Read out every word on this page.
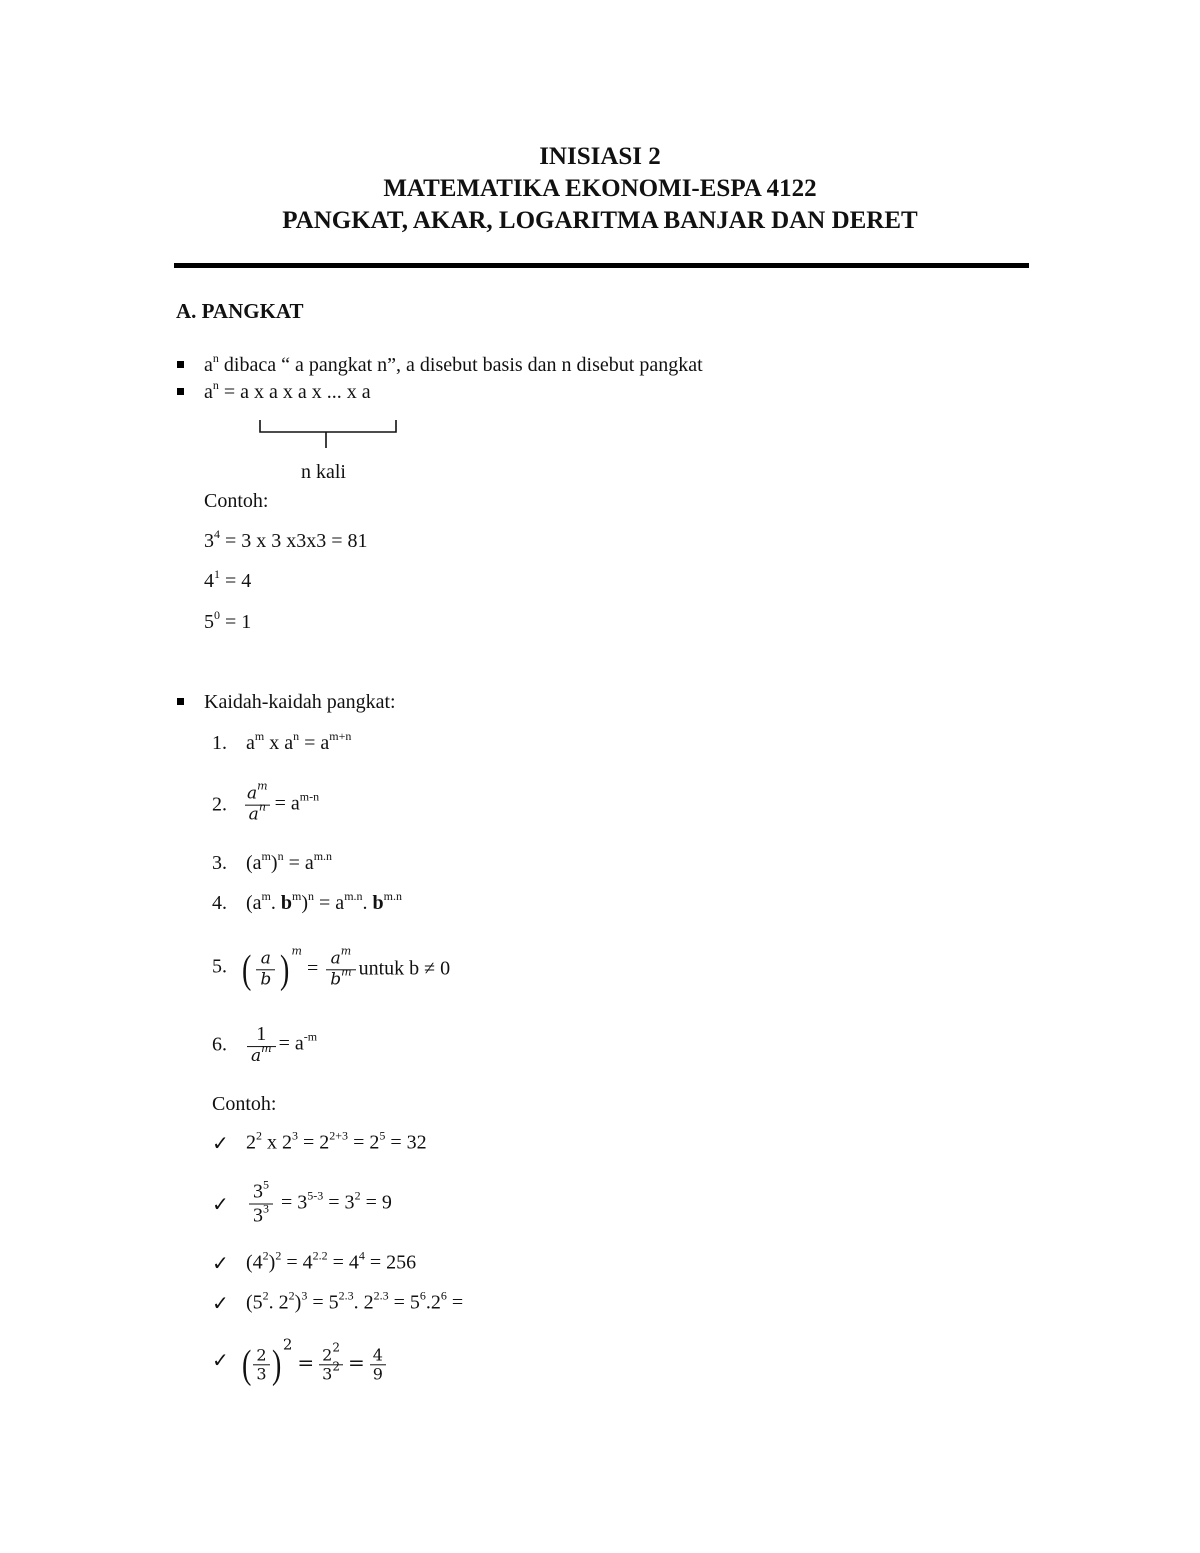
INISIASI 2
MATEMATIKA EKONOMI-ESPA 4122
PANGKAT, AKAR, LOGARITMA BANJAR DAN DERET
A. PANGKAT
$a^n$ dibaca “ a pangkat n”, a disebut basis dan n disebut pangkat
$a^n = a$ x a x a x ... x a
n kali
Contoh:
$3^4 = 3$ x 3 x3x3 = 81
$4^1 = 4$
$5^0 = 1$
Kaidah-kaidah pangkat:
1. $a^m$ x $a^n = a^{m+n}$
2. $\frac{a^m}{a^n} = a^{m-n}$
3. $(a^m)^n = a^{m.n}$
4. ($a^m$. $b^m)^n = a^{m.n}$. $b^{m.n}$
5. ( $\frac{a}{b}$ ) $^m = \frac{a^m}{b^m}$ untuk b ≠ 0
6. $\frac{1}{a^m} = a^{-m}$
Contoh:
✓ $2^2$ x $2^3 = 2^{2+3} = 2^5 = 32$
✓ $\frac{3^5}{3^3} = 3^{5-3} = 3^2 = 9$
✓ $(4^2)^2 = 4^{2.2} = 4^4 = 256$
✓ ($5^2$. $2^2)^3 = 5^{2.3}$. $2^{2.3} = 5^6.2^6$ =
✓ ( $\frac{2}{3}$ ) $^2 = \frac{2^2}{3^2} = \frac{4}{9}$
